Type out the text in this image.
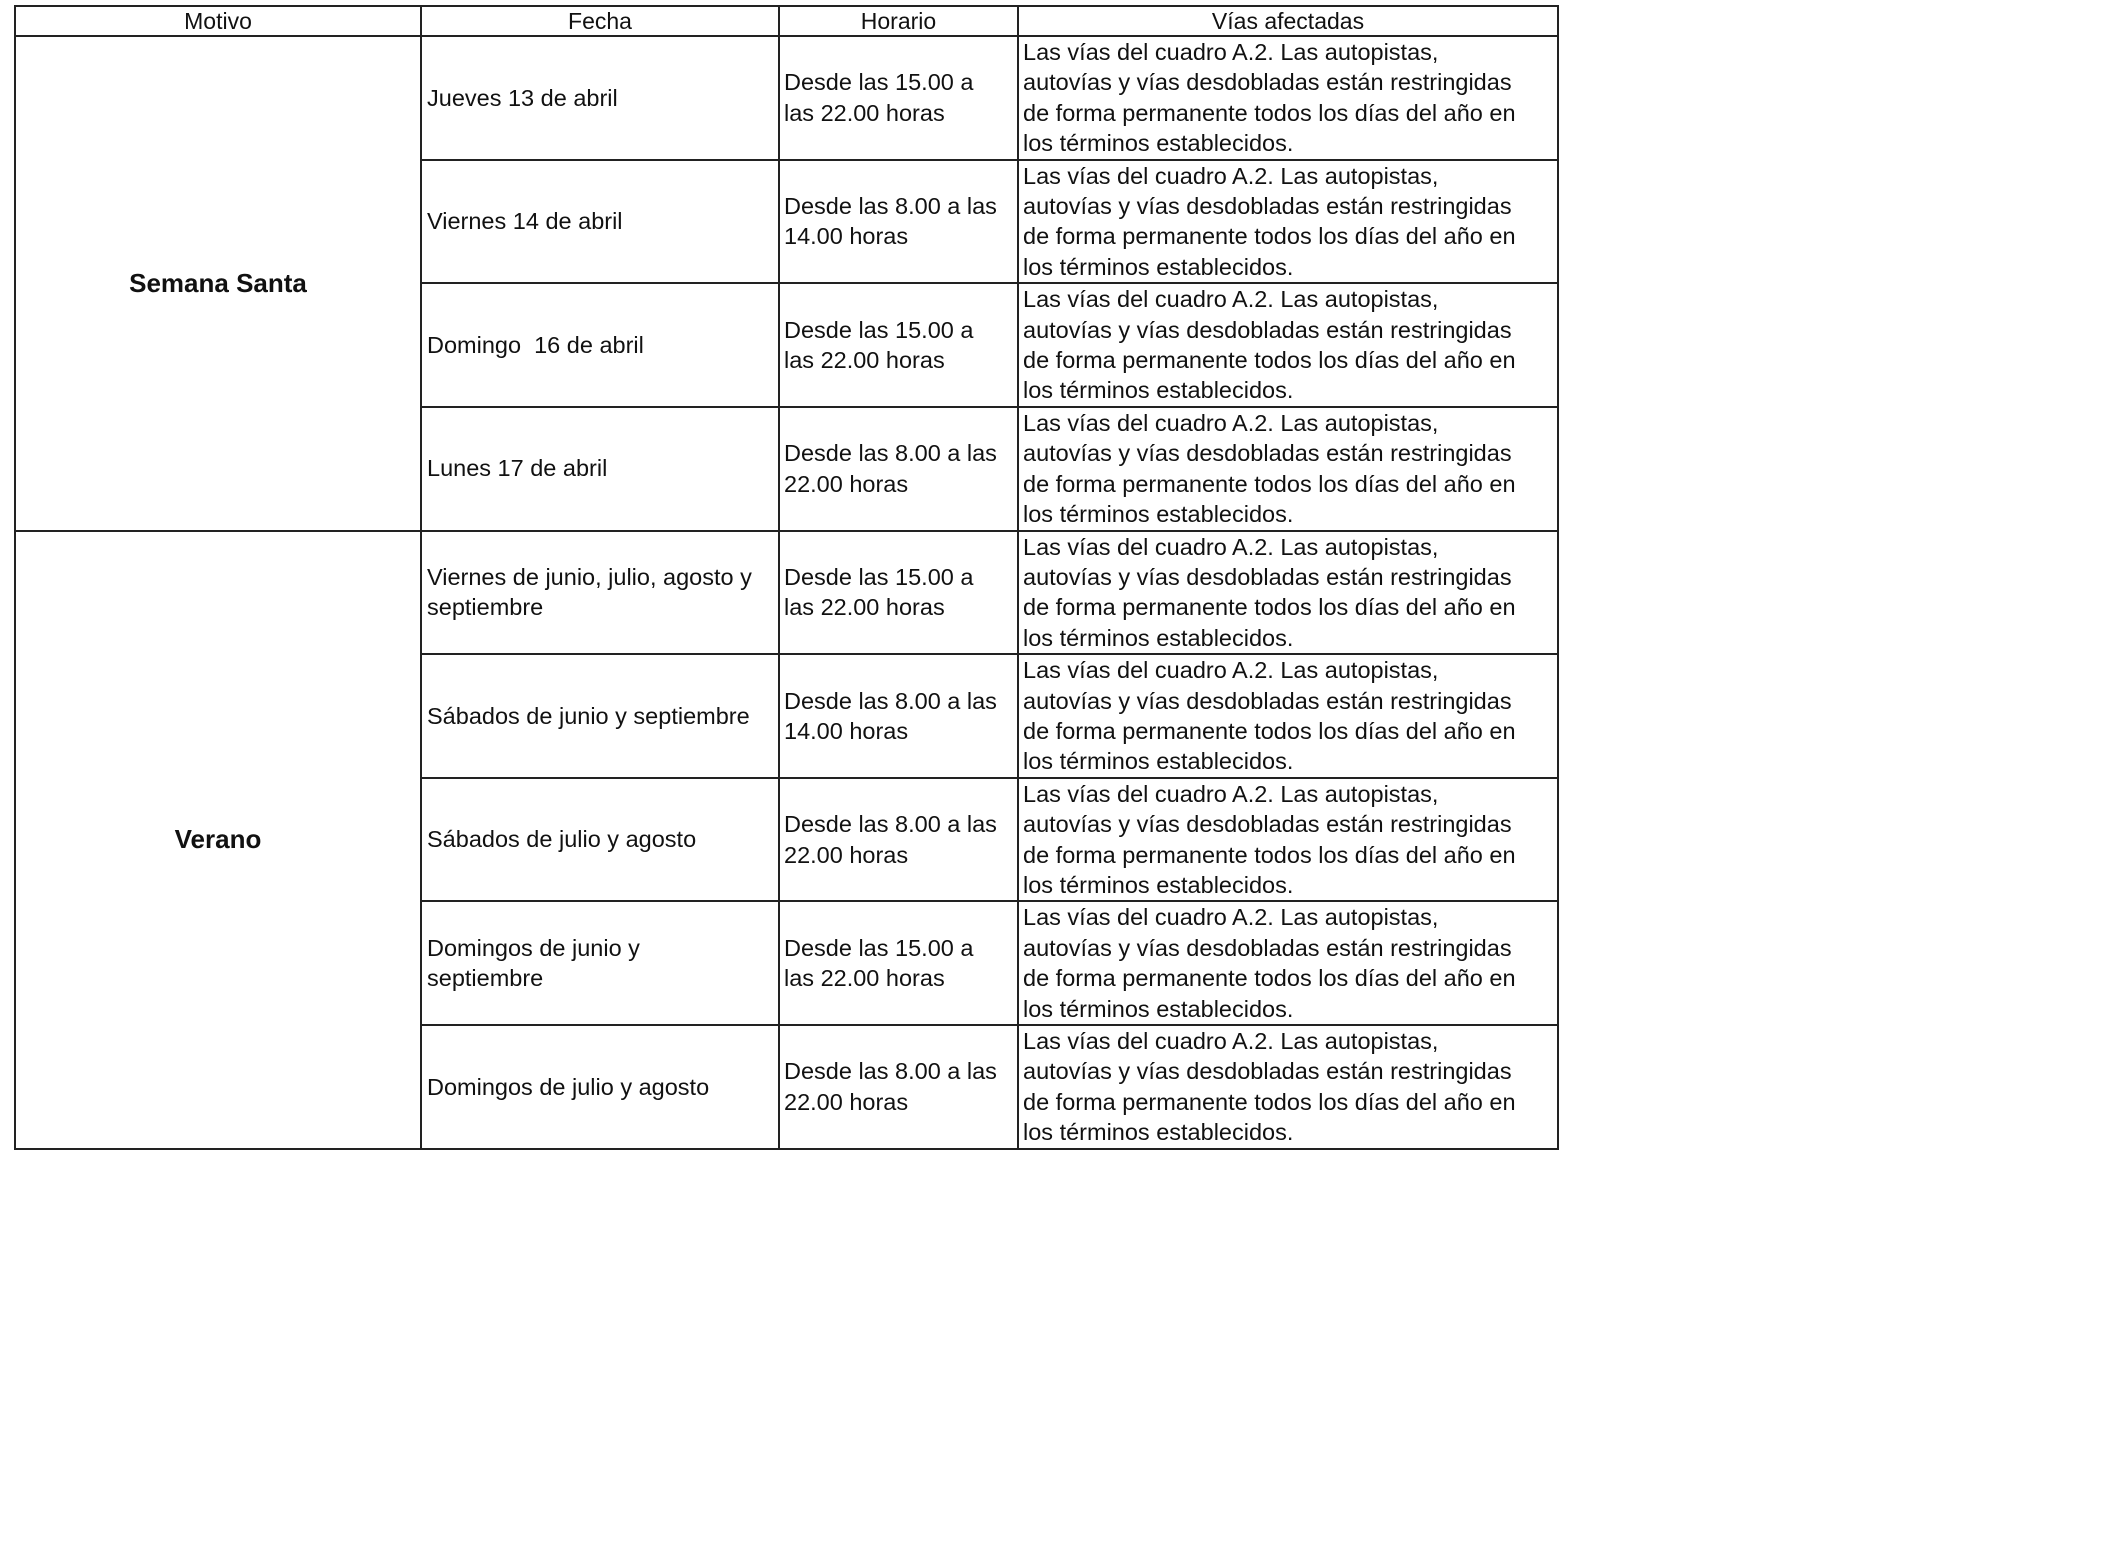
Motivo	Fecha	Horario	Vías afectadas
Semana Santa	Jueves 13 de abril	Desde las 15.00 a
las 22.00 horas	Las vías del cuadro A.2. Las autopistas,
autovías y vías desdobladas están restringidas
de forma permanente todos los días del año en
los términos establecidos.

	Viernes 14 de abril	Desde las 8.00 a las
14.00 horas	Las vías del cuadro A.2. Las autopistas,
autovías y vías desdobladas están restringidas
de forma permanente todos los días del año en
los términos establecidos.

	Domingo  16 de abril	Desde las 15.00 a
las 22.00 horas	Las vías del cuadro A.2. Las autopistas,
autovías y vías desdobladas están restringidas
de forma permanente todos los días del año en
los términos establecidos.

	Lunes 17 de abril	Desde las 8.00 a las
22.00 horas	Las vías del cuadro A.2. Las autopistas,
autovías y vías desdobladas están restringidas
de forma permanente todos los días del año en
los términos establecidos.

Verano	Viernes de junio, julio, agosto y
septiembre	Desde las 15.00 a
las 22.00 horas	Las vías del cuadro A.2. Las autopistas,
autovías y vías desdobladas están restringidas
de forma permanente todos los días del año en
los términos establecidos.

	Sábados de junio y septiembre	Desde las 8.00 a las
14.00 horas	Las vías del cuadro A.2. Las autopistas,
autovías y vías desdobladas están restringidas
de forma permanente todos los días del año en
los términos establecidos.

	Sábados de julio y agosto	Desde las 8.00 a las
22.00 horas	Las vías del cuadro A.2. Las autopistas,
autovías y vías desdobladas están restringidas
de forma permanente todos los días del año en
los términos establecidos.

	Domingos de junio y
septiembre	Desde las 15.00 a
las 22.00 horas	Las vías del cuadro A.2. Las autopistas,
autovías y vías desdobladas están restringidas
de forma permanente todos los días del año en
los términos establecidos.

	Domingos de julio y agosto	Desde las 8.00 a las
22.00 horas	Las vías del cuadro A.2. Las autopistas,
autovías y vías desdobladas están restringidas
de forma permanente todos los días del año en
los términos establecidos.
